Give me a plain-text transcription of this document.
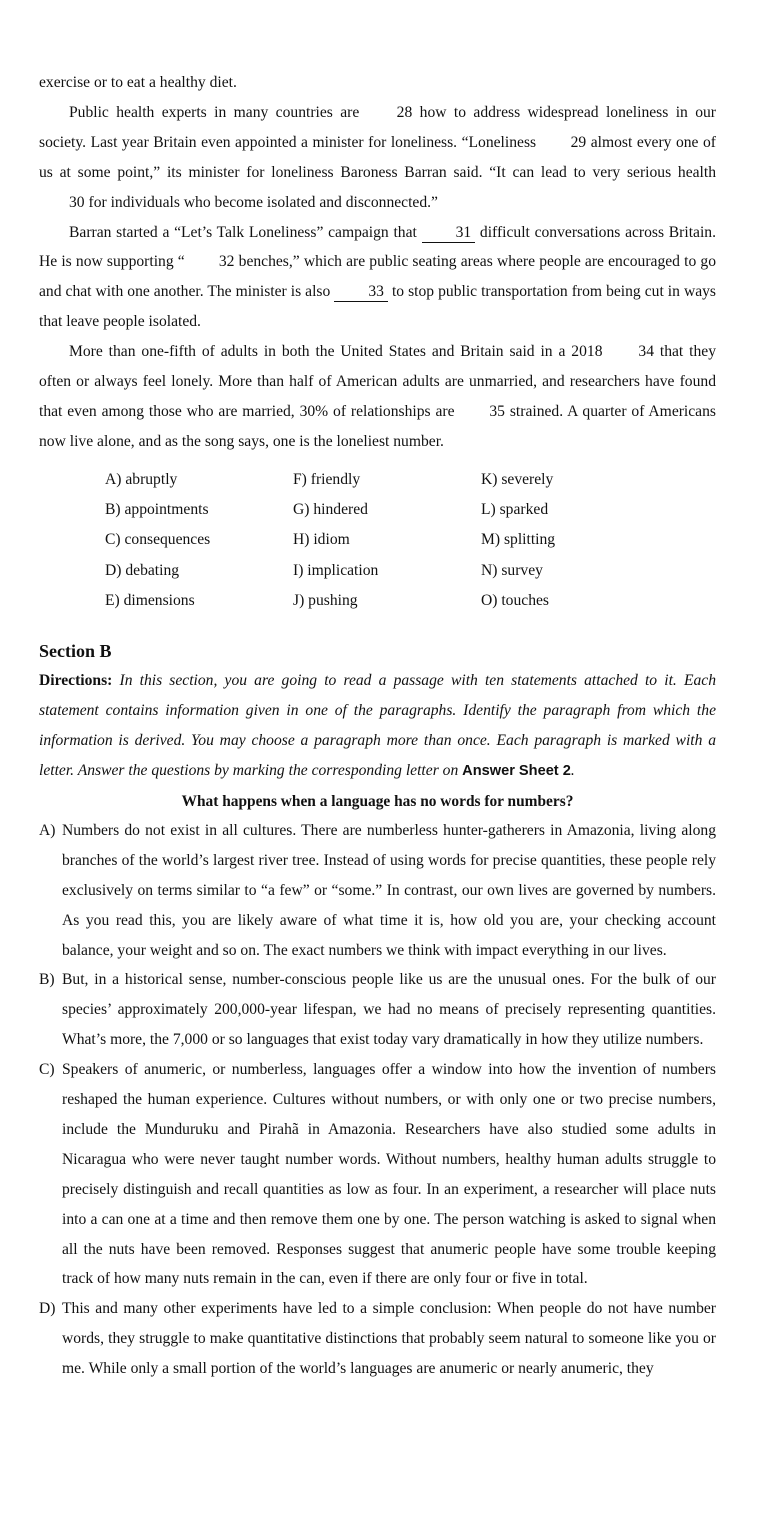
exercise or to eat a healthy diet.
Public health experts in many countries are 28 how to address widespread loneliness in our society. Last year Britain even appointed a minister for loneliness. “Loneliness 29 almost every one of us at some point,” its minister for loneliness Baroness Barran said. “It can lead to very serious health 30 for individuals who become isolated and disconnected.”
Barran started a “Let’s Talk Loneliness” campaign that 31 difficult conversations across Britain. He is now supporting “ 32 benches,” which are public seating areas where people are encouraged to go and chat with one another. The minister is also 33 to stop public transportation from being cut in ways that leave people isolated.
More than one-fifth of adults in both the United States and Britain said in a 2018 34 that they often or always feel lonely. More than half of American adults are unmarried, and researchers have found that even among those who are married, 30% of relationships are 35 strained. A quarter of Americans now live alone, and as the song says, one is the loneliest number.
A) abruptly	F) friendly	K) severely
B) appointments	G) hindered	L) sparked
C) consequences	H) idiom	M) splitting
D) debating	I) implication	N) survey
E) dimensions	J) pushing	O) touches
Section B
Directions: In this section, you are going to read a passage with ten statements attached to it. Each statement contains information given in one of the paragraphs. Identify the paragraph from which the information is derived. You may choose a paragraph more than once. Each paragraph is marked with a letter. Answer the questions by marking the corresponding letter on Answer Sheet 2.
What happens when a language has no words for numbers?
A) Numbers do not exist in all cultures. There are numberless hunter-gatherers in Amazonia, living along branches of the world’s largest river tree. Instead of using words for precise quantities, these people rely exclusively on terms similar to “a few” or “some.” In contrast, our own lives are governed by numbers. As you read this, you are likely aware of what time it is, how old you are, your checking account balance, your weight and so on. The exact numbers we think with impact everything in our lives.
B) But, in a historical sense, number-conscious people like us are the unusual ones. For the bulk of our species’ approximately 200,000-year lifespan, we had no means of precisely representing quantities. What’s more, the 7,000 or so languages that exist today vary dramatically in how they utilize numbers.
C) Speakers of anumeric, or numberless, languages offer a window into how the invention of numbers reshaped the human experience. Cultures without numbers, or with only one or two precise numbers, include the Munduruku and Pirahã in Amazonia. Researchers have also studied some adults in Nicaragua who were never taught number words. Without numbers, healthy human adults struggle to precisely distinguish and recall quantities as low as four. In an experiment, a researcher will place nuts into a can one at a time and then remove them one by one. The person watching is asked to signal when all the nuts have been removed. Responses suggest that anumeric people have some trouble keeping track of how many nuts remain in the can, even if there are only four or five in total.
D) This and many other experiments have led to a simple conclusion: When people do not have number words, they struggle to make quantitative distinctions that probably seem natural to someone like you or me. While only a small portion of the world’s languages are anumeric or nearly anumeric, they
